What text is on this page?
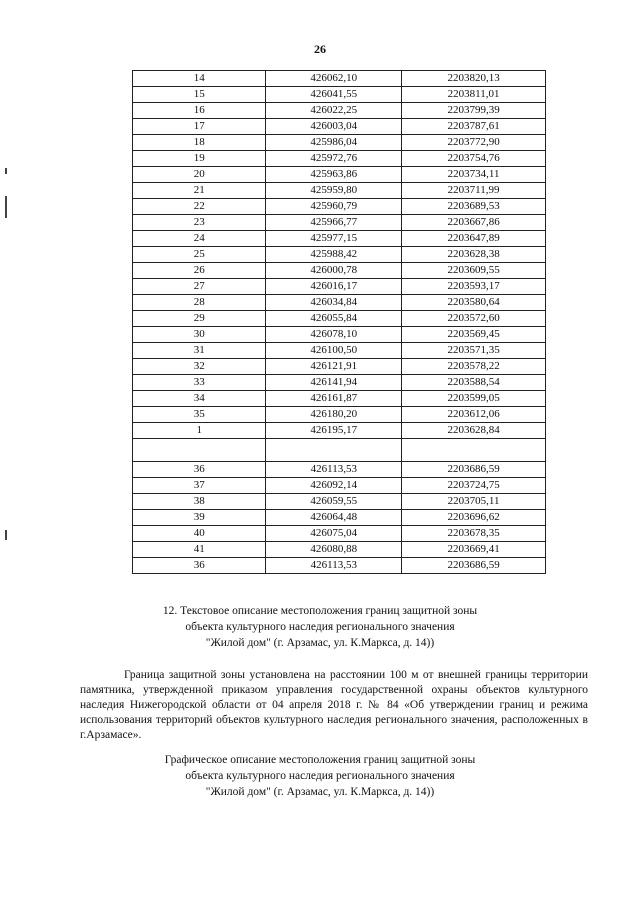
26
14	426062,10	2203820,13
15	426041,55	2203811,01
16	426022,25	2203799,39
17	426003,04	2203787,61
18	425986,04	2203772,90
19	425972,76	2203754,76
20	425963,86	2203734,11
21	425959,80	2203711,99
22	425960,79	2203689,53
23	425966,77	2203667,86
24	425977,15	2203647,89
25	425988,42	2203628,38
26	426000,78	2203609,55
27	426016,17	2203593,17
28	426034,84	2203580,64
29	426055,84	2203572,60
30	426078,10	2203569,45
31	426100,50	2203571,35
32	426121,91	2203578,22
33	426141,94	2203588,54
34	426161,87	2203599,05
35	426180,20	2203612,06
1	426195,17	2203628,84

36	426113,53	2203686,59
37	426092,14	2203724,75
38	426059,55	2203705,11
39	426064,48	2203696,62
40	426075,04	2203678,35
41	426080,88	2203669,41
36	426113,53	2203686,59
12. Текстовое описание местоположения границ защитной зоны
объекта культурного наследия регионального значения
"Жилой дом" (г. Арзамас, ул. К.Маркса, д. 14))

Граница защитной зоны установлена на расстоянии 100 м от внешней границы территории памятника, утвержденной приказом управления государственной охраны объектов культурного наследия Нижегородской области от 04 апреля 2018 г. № 84 «Об утверждении границ и режима использования территорий объектов культурного наследия регионального значения, расположенных в г.Арзамасе».

Графическое описание местоположения границ защитной зоны
объекта культурного наследия регионального значения
"Жилой дом" (г. Арзамас, ул. К.Маркса, д. 14))
